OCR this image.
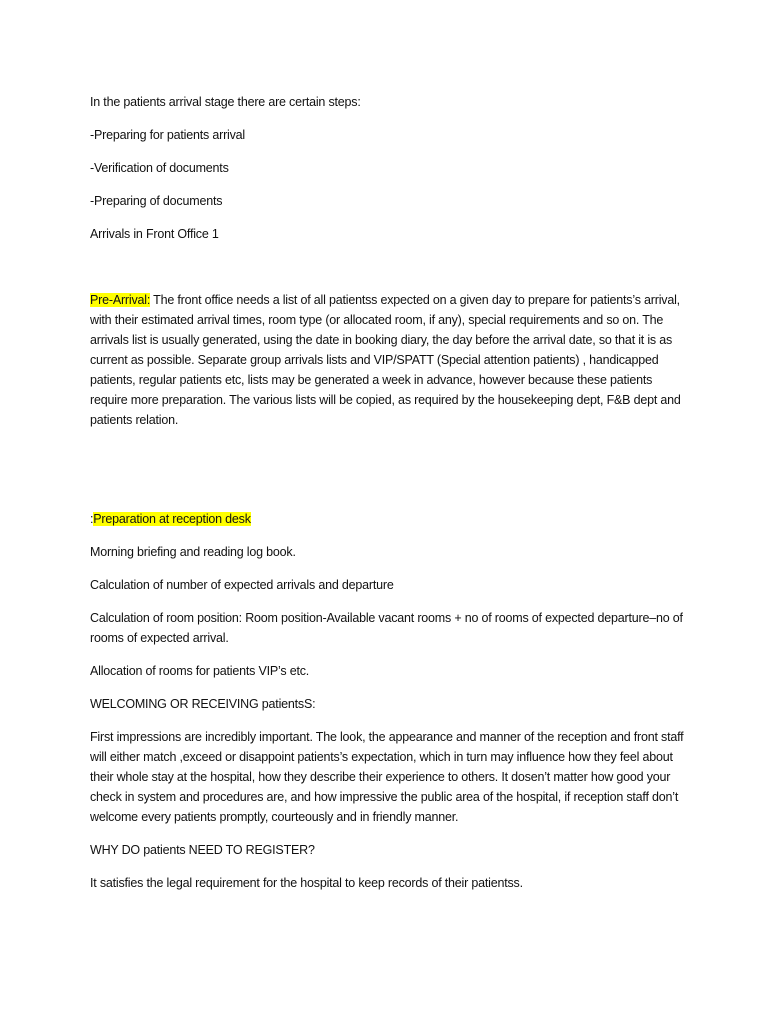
In the patients arrival stage there are certain steps:

-Preparing for patients arrival

-Verification of documents

-Preparing of documents

Arrivals in Front Office 1

Pre-Arrival: The front office needs a list of all patientss expected on a given day to prepare for patients’s arrival, with their estimated arrival times, room type (or allocated room, if any), special requirements and so on. The arrivals list is usually generated, using the date in booking diary, the day before the arrival date, so that it is as current as possible. Separate group arrivals lists and VIP/SPATT (Special attention patients) , handicapped patients, regular patients etc, lists may be generated a week in advance, however because these patients require more preparation. The various lists will be copied, as required by the housekeeping dept, F&B dept and patients relation.

:Preparation at reception desk

Morning briefing and reading log book.

Calculation of number of expected arrivals and departure

Calculation of room position: Room position-Available vacant rooms + no of rooms of expected departure–no of rooms of expected arrival.

Allocation of rooms for patients VIP’s etc.

WELCOMING OR RECEIVING patientsS:

First impressions are incredibly important. The look, the appearance and manner of the reception and front staff will either match ,exceed or disappoint patients’s expectation, which in turn may influence how they feel about their whole stay at the hospital, how they describe their experience to others. It dosen’t matter how good your check in system and procedures are, and how impressive the public area of the hospital, if reception staff don’t welcome every patients promptly, courteously and in friendly manner.

WHY DO patients NEED TO REGISTER?

It satisfies the legal requirement for the hospital to keep records of their patientss.
